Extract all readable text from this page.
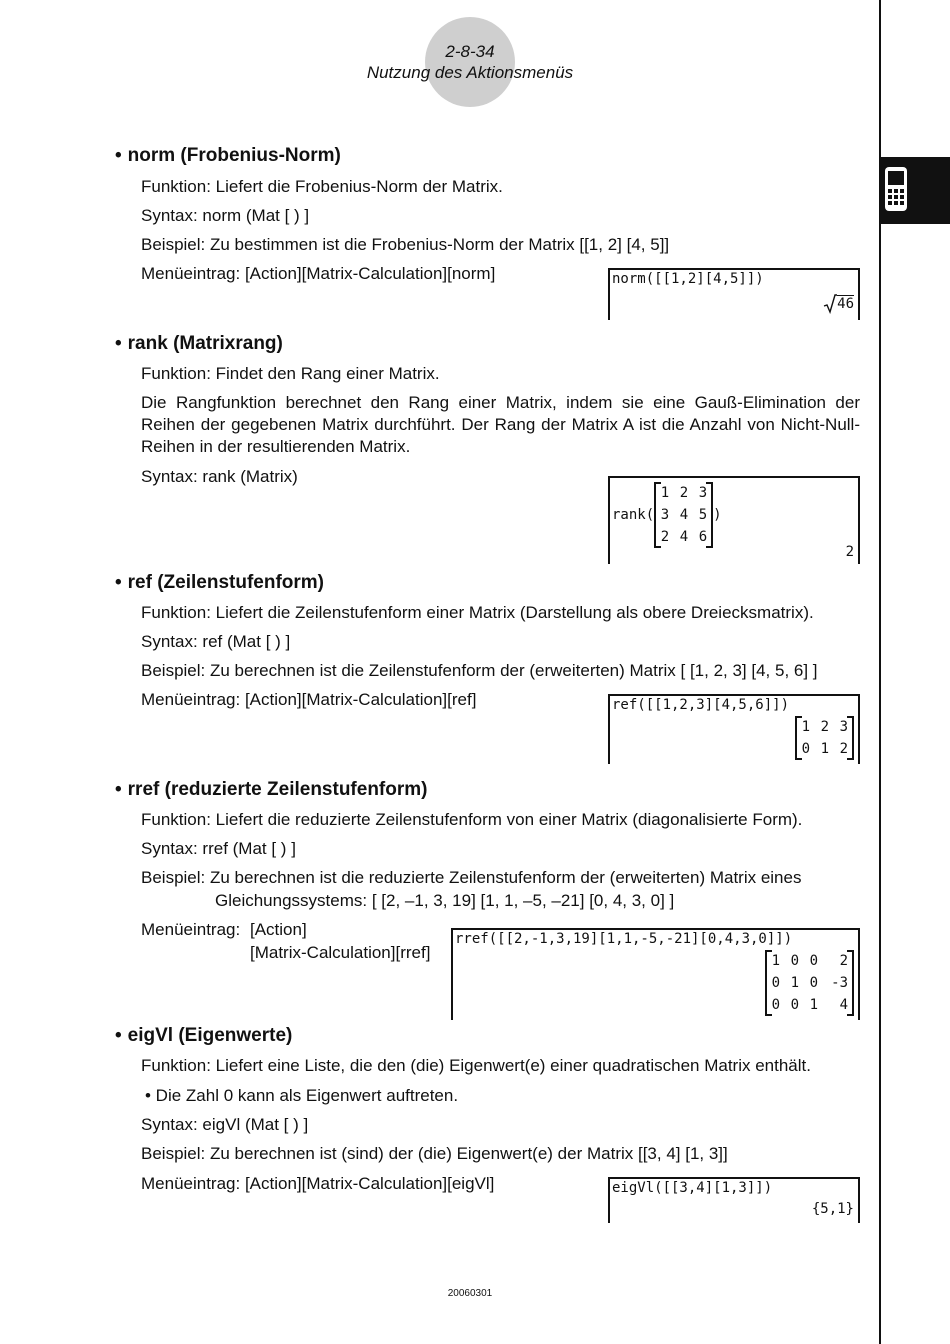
2-8-34
Nutzung des Aktionsmenüs
• norm (Frobenius-Norm)
Funktion: Liefert die Frobenius-Norm der Matrix.
Syntax: norm (Mat [ ) ]
Beispiel: Zu bestimmen ist die Frobenius-Norm der Matrix [[1, 2] [4, 5]]
Menüeintrag: [Action][Matrix-Calculation][norm]	norm([[1,2][4,5]])
46
• rank (Matrixrang)
Funktion: Findet den Rang einer Matrix.
Die Rangfunktion berechnet den Rang einer Matrix, indem sie eine Gauß-Elimination der Reihen der gegebenen Matrix durchführt. Der Rang der Matrix A ist die Anzahl von Nicht-Null-Reihen in der resultierenden Matrix.
Syntax: rank (Matrix)
rank(
1 2 3
3 4 5
2 4 6
)
2
• ref (Zeilenstufenform)
Funktion: Liefert die Zeilenstufenform einer Matrix (Darstellung als obere Dreiecksmatrix).
Syntax: ref (Mat [ ) ]
Beispiel: Zu berechnen ist die Zeilenstufenform der (erweiterten) Matrix [ [1, 2, 3] [4, 5, 6] ]
Menüeintrag: [Action][Matrix-Calculation][ref]	ref([[1,2,3][4,5,6]])
1 2 3
0 1 2
• rref (reduzierte Zeilenstufenform)
Funktion: Liefert die reduzierte Zeilenstufenform von einer Matrix (diagonalisierte Form).
Syntax: rref (Mat [ ) ]
Beispiel: Zu berechnen ist die reduzierte Zeilenstufenform der (erweiterten) Matrix eines
Gleichungssystems: [ [2, –1, 3, 19] [1, 1, –5, –21] [0, 4, 3, 0] ]
Menüeintrag: [Action]
[Matrix-Calculation][rref]
rref([[2,-1,3,19][1,1,-5,-21][0,4,3,0]])
1 0 0	2
0 1 0 -3
0 0 1	4
• eigVl (Eigenwerte)
Funktion: Liefert eine Liste, die den (die) Eigenwert(e) einer quadratischen Matrix enthält.
• Die Zahl 0 kann als Eigenwert auftreten.
Syntax: eigVl (Mat [ ) ]
Beispiel: Zu berechnen ist (sind) der (die) Eigenwert(e) der Matrix [[3, 4] [1, 3]]
Menüeintrag: [Action][Matrix-Calculation][eigVl]	eigVl([[3,4][1,3]])
{5,1}
20060301
